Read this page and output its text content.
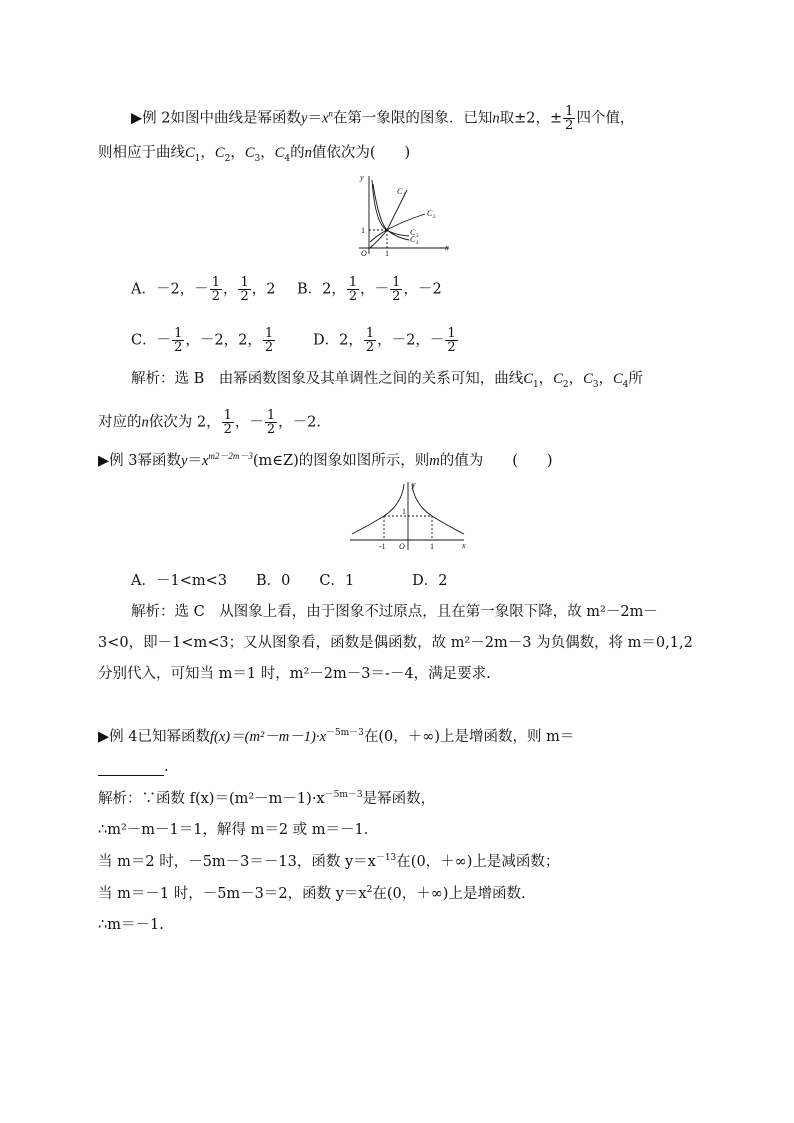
▶例 2如图中曲线是幂函数$y=x^n$在第一象限的图象．已知n取±2，± $\frac{1}{2}$ 四个值，
则相应于曲线$C_1$，$C_2$，$C_3$，$C_4$的n值依次为(　　)
y
x
O
C
C
C
C
1
2
3
4
1
1
A．－2，－ $\frac{1}{2}$ ， $\frac{1}{2}$ ，2 B．2， $\frac{1}{2}$ ，－ $\frac{1}{2}$ ，－2
C．－ $\frac{1}{2}$ ，－2，2， $\frac{1}{2}$	D．2， $\frac{1}{2}$ ，－2，－ $\frac{1}{2}$
解析：选 B　由幂函数图象及其单调性之间的关系可知，曲线$C_1$，$C_2$，$C_3$，$C_4$所
对应的n依次为 2， $\frac{1}{2}$ ，－ $\frac{1}{2}$ ，－2.
▶例 3幂函数$y=x^{m2-2m-3}(m\in Z)$的图象如图所示，则m的值为　　(　　)
y
x
O
1
-1	1
A．－1<m<3　　B．0　　C．1　　　　D．2
解析：选 C　从图象上看，由于图象不过原点，且在第一象限下降，故 m²－2m－
3<0，即－1<m<3；又从图象看，函数是偶函数，故 m²－2m－3 为负偶数，将 m＝0,1,2
分别代入，可知当 m＝1 时，m²－2m－3＝-－4，满足要求.
▶例 4已知幂函数$f(x)=(m^2-m-1)\cdot x^{-5m-3}$在(0，＋∞)上是增函数，则 m＝
.
解析：∵函数 $f(x)=(m^2-m-1)\cdot x^{-5m-3}$是幂函数，
∴m²－m－1＝1，解得 m＝2 或 m＝－1.
当 m＝2 时，－5m－3＝－13，函数 $y=x^{-13}$在(0，＋∞)上是减函数；
当 m＝－1 时，－5m－3＝2，函数 $y=x^2$在(0，＋∞)上是增函数.
∴m＝－1.
